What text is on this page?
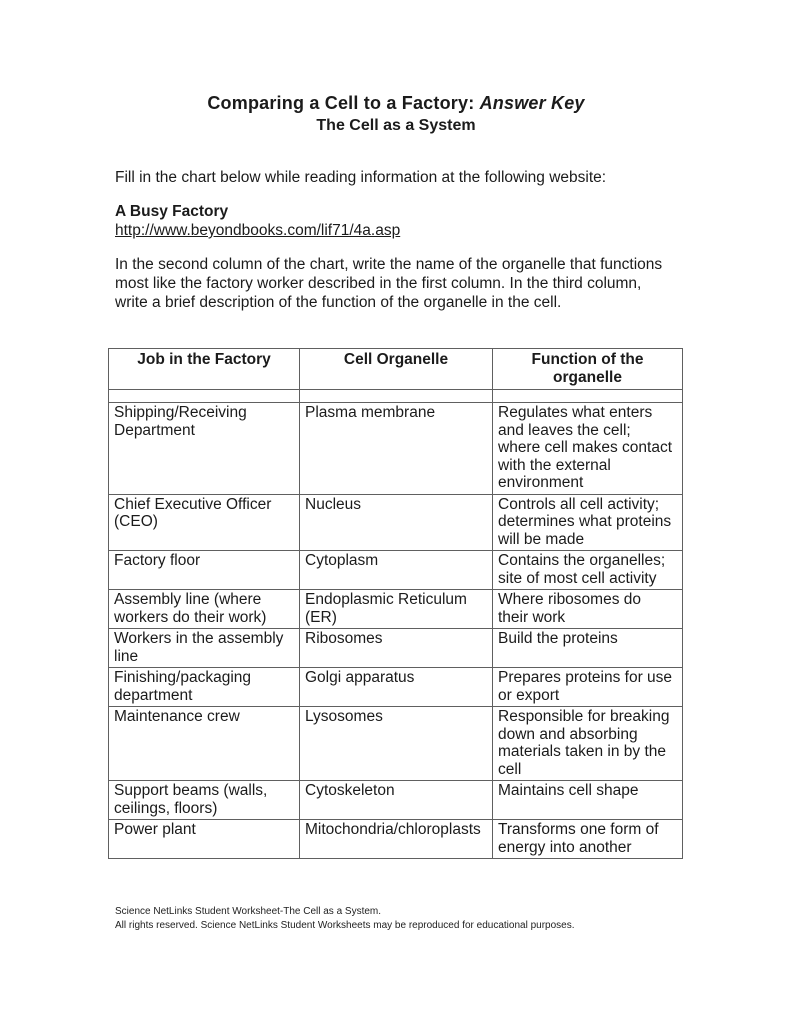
Comparing a Cell to a Factory: Answer Key
The Cell as a System

Fill in the chart below while reading information at the following website:

A Busy Factory

http://www.beyondbooks.com/lif71/4a.asp

In the second column of the chart, write the name of the organelle that functions most like the factory worker described in the first column. In the third column, write a brief description of the function of the organelle in the cell.

Job in the Factory	Cell Organelle	Function of the organelle

Shipping/Receiving Department	Plasma membrane	Regulates what enters and leaves the cell; where cell makes contact with the external environment
Chief Executive Officer (CEO)	Nucleus	Controls all cell activity; determines what proteins will be made
Factory floor	Cytoplasm	Contains the organelles; site of most cell activity
Assembly line (where workers do their work)	Endoplasmic Reticulum (ER)	Where ribosomes do their work
Workers in the assembly line	Ribosomes	Build the proteins
Finishing/packaging department	Golgi apparatus	Prepares proteins for use or export
Maintenance crew	Lysosomes	Responsible for breaking down and absorbing materials taken in by the cell
Support beams (walls, ceilings, floors)	Cytoskeleton	Maintains cell shape
Power plant	Mitochondria/chloroplasts	Transforms one form of energy into another
Science NetLinks Student Worksheet-The Cell as a System.
All rights reserved. Science NetLinks Student Worksheets may be reproduced for educational purposes.
